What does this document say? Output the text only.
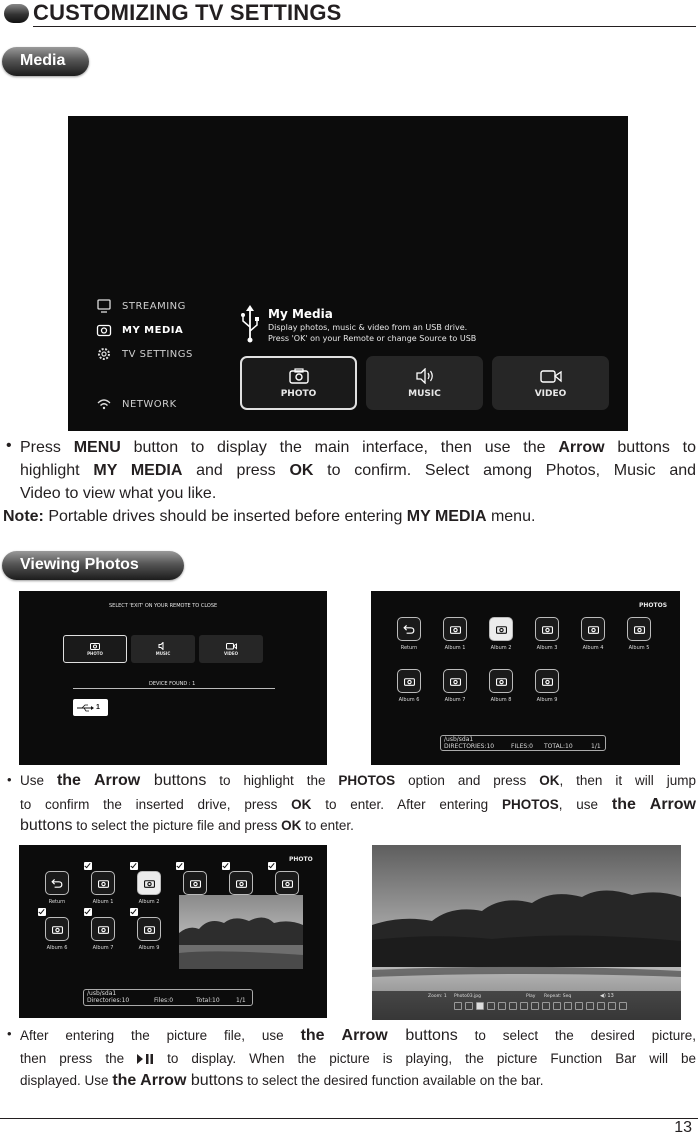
CUSTOMIZING TV SETTINGS
Media
STREAMING
MY MEDIA
TV SETTINGS
NETWORK
My Media
Display photos, music & video from an USB drive.
Press 'OK' on your Remote or change Source to USB
PHOTO	MUSIC	VIDEO
• Press MENU button to display the main interface, then use the Arrow buttons to
highlight MY MEDIA and press OK to confirm. Select among Photos, Music and
Video to view what you like.
Note: Portable drives should be inserted before entering MY MEDIA menu.
Viewing Photos
SELECT 'EXIT' ON YOUR REMOTE TO CLOSE
PHOTO	MUSIC	VIDEO
DEVICE FOUND : 1
1
PHOTOS
Return	Album 1	Album 2	Album 3	Album 4	Album 5
Album 6	Album 7	Album 8	Album 9
/usb/sda1
DIRECTORIES:10	FILES:0 TOTAL:10	1/1
• Use the Arrow buttons to highlight the PHOTOS option and press OK, then it will jump
to confirm the inserted drive, press OK to enter. After entering PHOTOS, use the Arrow
buttons to select the picture file and press OK to enter.
PHOTO
Return	Album 1	Album 2
Album 6	Album 7	Album 9
/usb/sda1
Directories:10	Files:0	Total:10	1/1
Zoom: 1 Photo03.jpg	Play Repeat: Seq	◀) 13
• After entering the picture file, use the Arrow buttons to select the desired picture,
then press the  to display. When the picture is playing, the picture Function Bar will be
displayed. Use the Arrow buttons to select the desired function available on the bar.
13
